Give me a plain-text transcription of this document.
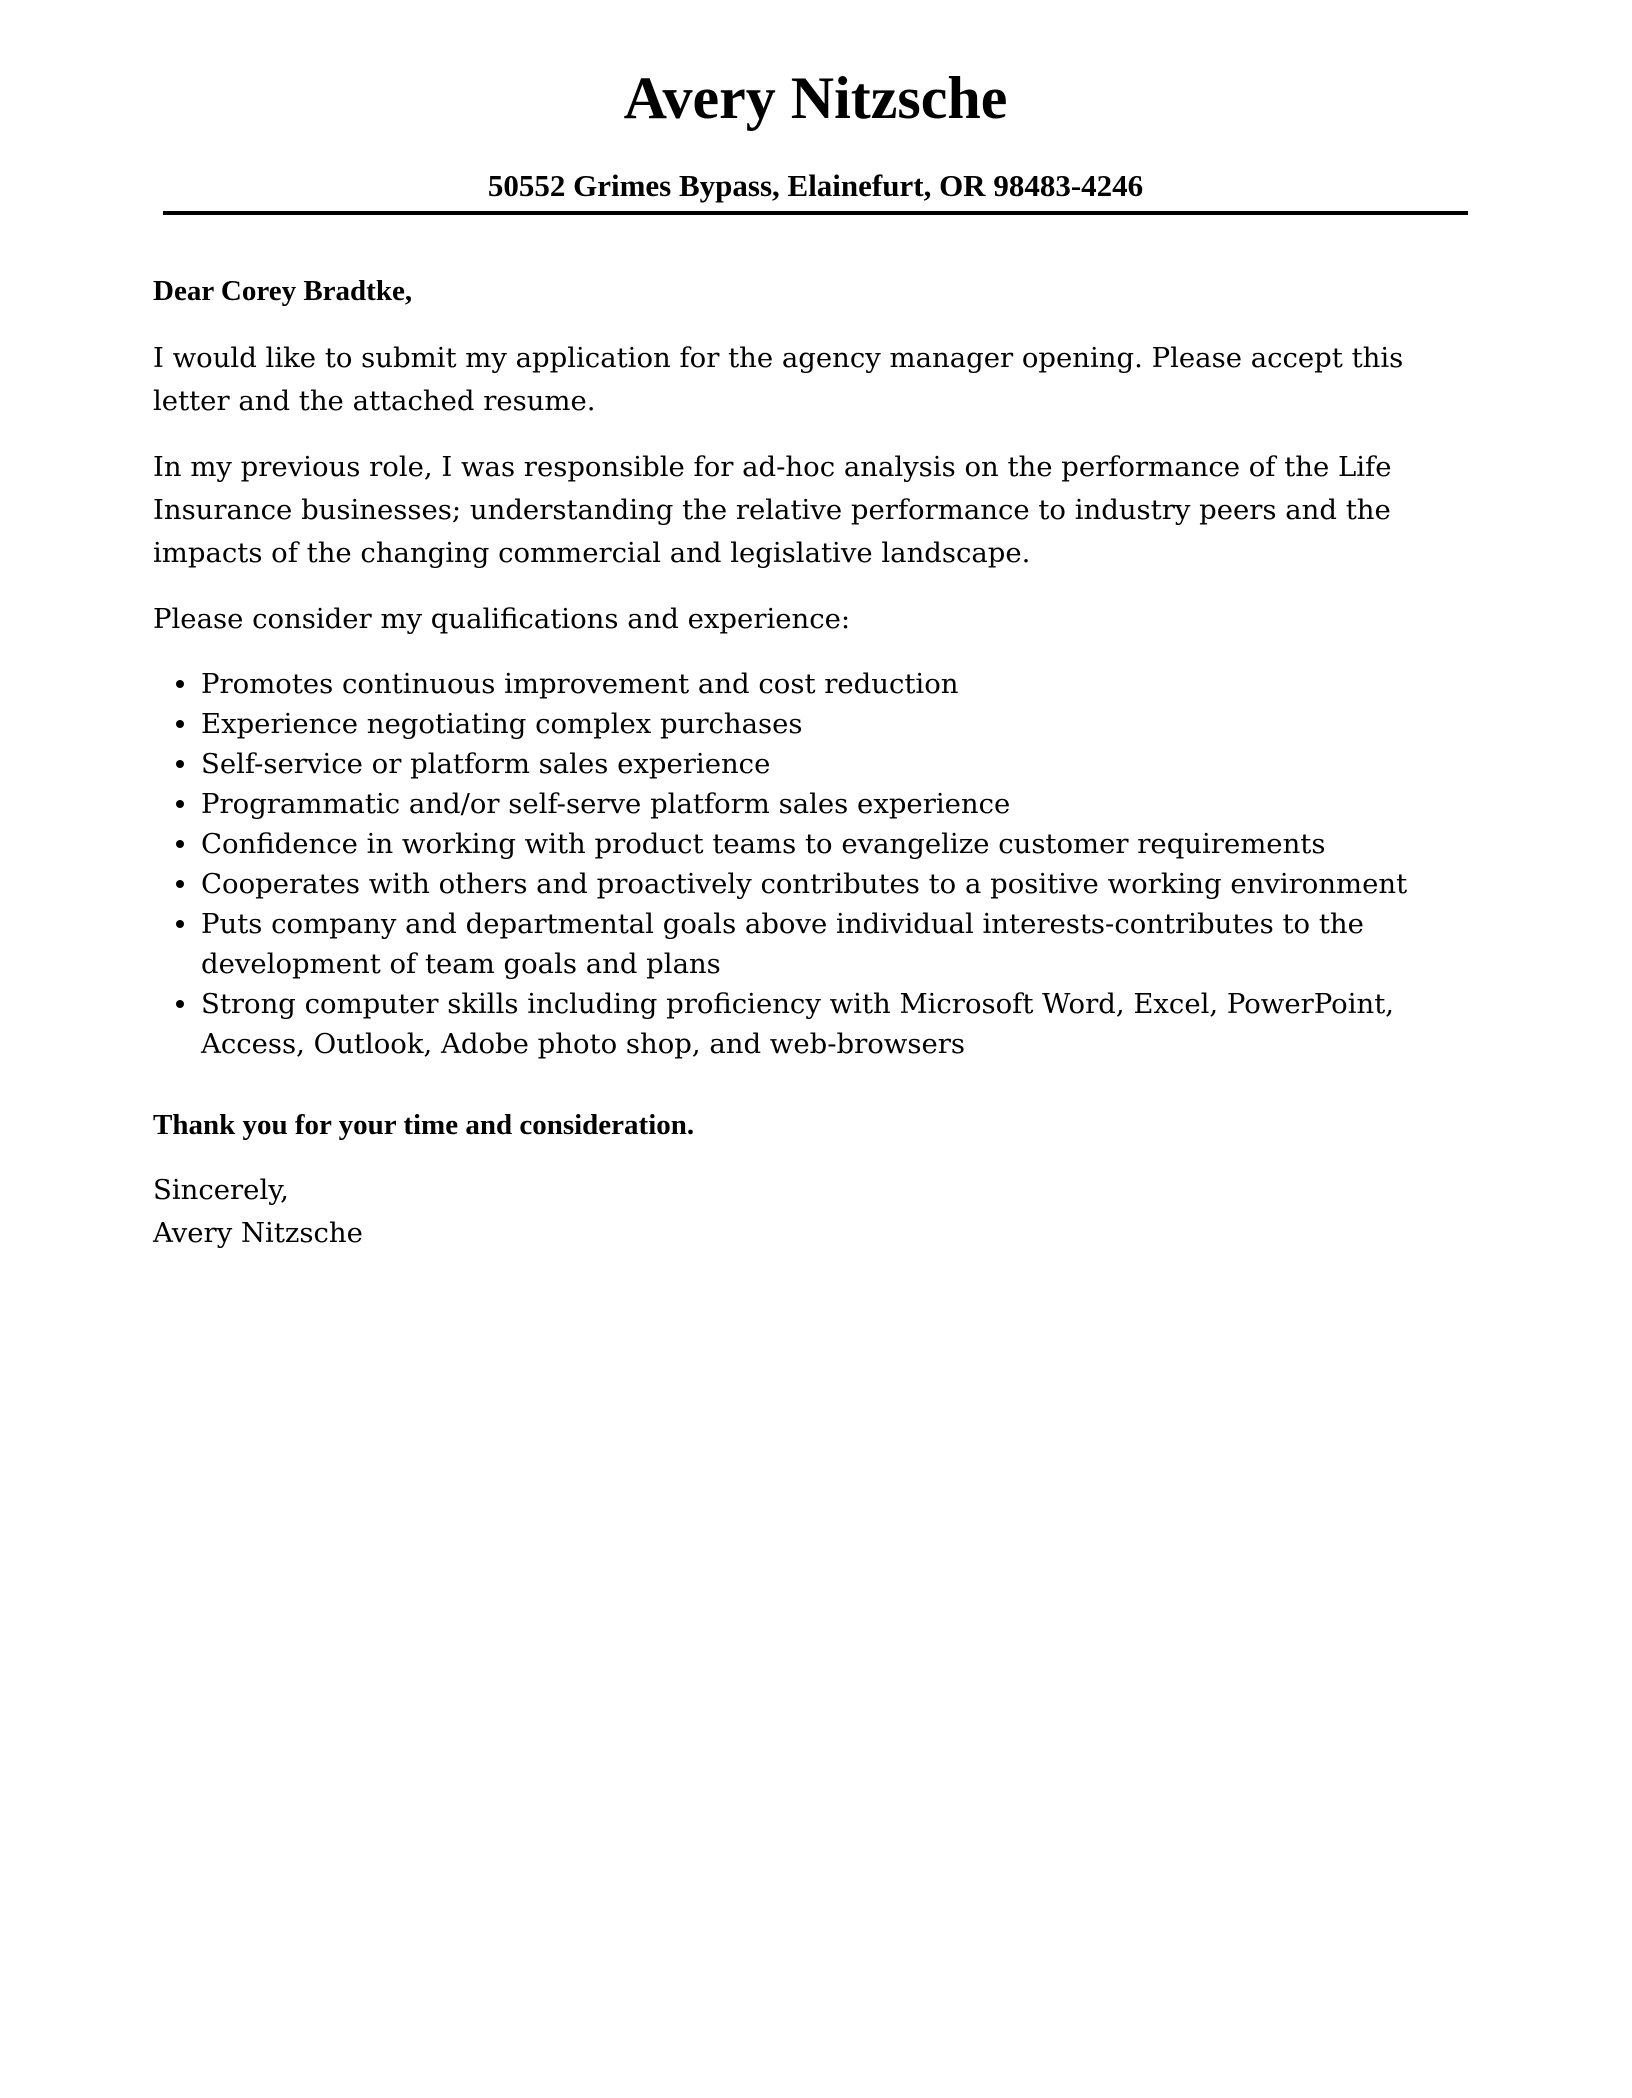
Avery Nitzsche
50552 Grimes Bypass, Elainefurt, OR 98483-4246

Dear Corey Bradtke,

I would like to submit my application for the agency manager opening. Please accept this letter and the attached resume.

In my previous role, I was responsible for ad-hoc analysis on the performance of the Life Insurance businesses; understanding the relative performance to industry peers and the impacts of the changing commercial and legislative landscape.

Please consider my qualifications and experience:

Promotes continuous improvement and cost reduction
Experience negotiating complex purchases
Self-service or platform sales experience
Programmatic and/or self-serve platform sales experience
Confidence in working with product teams to evangelize customer requirements
Cooperates with others and proactively contributes to a positive working environment
Puts company and departmental goals above individual interests-contributes to the development of team goals and plans
Strong computer skills including proficiency with Microsoft Word, Excel, PowerPoint, Access, Outlook, Adobe photo shop, and web-browsers

Thank you for your time and consideration.

Sincerely,

Avery Nitzsche
